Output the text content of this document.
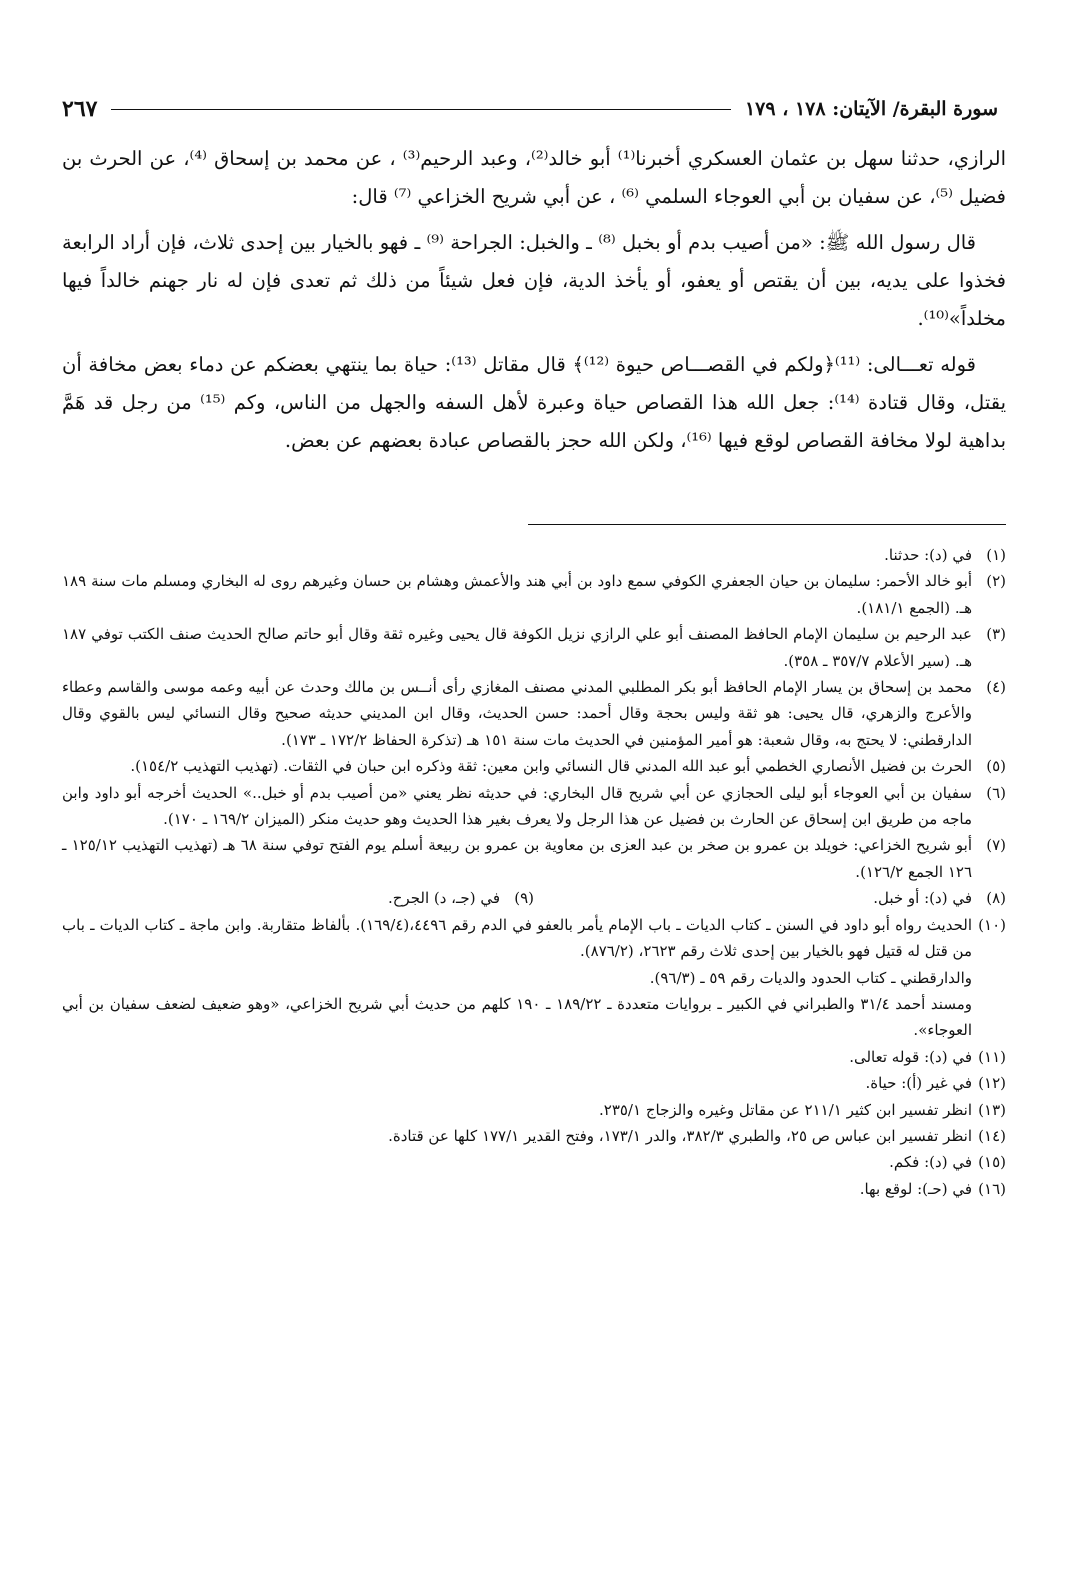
سورة البقرة/ الآيتان: ١٧٨ ، ١٧٩
٢٦٧

الرازي، حدثنا سهل بن عثمان العسكري أخبرنا⁽¹⁾ أبو خالد⁽²⁾، وعبد الرحيم⁽³⁾ ، عن محمد بن إسحاق ⁽⁴⁾، عن الحرث بن فضيل ⁽⁵⁾، عن سفيان بن أبي العوجاء السلمي ⁽⁶⁾ ، عن أبي شريح الخزاعي ⁽⁷⁾ قال:

قال رسول الله ﷺ: «من أصيب بدم أو بخبل ⁽⁸⁾ ـ والخبل: الجراحة ⁽⁹⁾ ـ فهو بالخيار بين إحدى ثلاث، فإن أراد الرابعة فخذوا على يديه، بين أن يقتص أو يعفو، أو يأخذ الدية، فإن فعل شيئاً من ذلك ثم تعدى فإن له نار جهنم خالداً فيها مخلداً»⁽¹⁰⁾.

قوله تعـــالى: ⁽¹¹⁾﴿ولكم في القصـــاص حيوة ⁽¹²⁾﴾ قال مقاتل ⁽¹³⁾: حياة بما ينتهي بعضكم عن دماء بعض مخافة أن يقتل، وقال قتادة ⁽¹⁴⁾: جعل الله هذا القصاص حياة وعبرة لأهل السفه والجهل من الناس، وكم ⁽¹⁵⁾ من رجل قد هَمَّ بداهية لولا مخافة القصاص لوقع فيها ⁽¹⁶⁾، ولكن الله حجز بالقصاص عبادة بعضهم عن بعض.

(١)
في (د): حدثنا.
(٢)
أبو خالد الأحمر: سليمان بن حيان الجعفري الكوفي سمع داود بن أبي هند والأعمش وهشام بن حسان وغيرهم روى له البخاري ومسلم مات سنة ١٨٩ هـ. (الجمع ١٨١/١).
(٣)
عبد الرحيم بن سليمان الإمام الحافظ المصنف أبو علي الرازي نزيل الكوفة قال يحيى وغيره ثقة وقال أبو حاتم صالح الحديث صنف الكتب توفي ١٨٧ هـ. (سير الأعلام ٣٥٧/٧ ـ ٣٥٨).
(٤)
محمد بن إسحاق بن يسار الإمام الحافظ أبو بكر المطلبي المدني مصنف المغازي رأى أنــس بن مالك وحدث عن أبيه وعمه موسى والقاسم وعطاء والأعرج والزهري، قال يحيى: هو ثقة وليس بحجة وقال أحمد: حسن الحديث، وقال ابن المديني حديثه صحيح وقال النسائي ليس بالقوي وقال الدارقطني: لا يحتج به، وقال شعبة: هو أمير المؤمنين في الحديث مات سنة ١٥١ هـ (تذكرة الحفاظ ١٧٢/٢ ـ ١٧٣).
(٥)
الحرث بن فضيل الأنصاري الخطمي أبو عبد الله المدني قال النسائي وابن معين: ثقة وذكره ابن حبان في الثقات. (تهذيب التهذيب ١٥٤/٢).
(٦)
سفيان بن أبي العوجاء أبو ليلى الحجازي عن أبي شريح قال البخاري: في حديثه نظر يعني «من أصيب بدم أو خبل..» الحديث أخرجه أبو داود وابن ماجه من طريق ابن إسحاق عن الحارث بن فضيل عن هذا الرجل ولا يعرف بغير هذا الحديث وهو حديث منكر (الميزان ١٦٩/٢ ـ ١٧٠).
(٧)
أبو شريح الخزاعي: خويلد بن عمرو بن صخر بن عبد العزى بن معاوية بن عمرو بن ربيعة أسلم يوم الفتح توفي سنة ٦٨ هـ (تهذيب التهذيب ١٢٥/١٢ ـ ١٢٦ الجمع ١٢٦/٢).
(٨)
في (د): أو خبل.
(٩)
في (جـ، د) الجرح.
(١٠)
الحديث رواه أبو داود في السنن ـ كتاب الديات ـ باب الإمام يأمر بالعفو في الدم رقم ٤٤٩٦،(١٦٩/٤). بألفاظ متقاربة. وابن ماجة ـ كتاب الديات ـ باب من قتل له قتيل فهو بالخيار بين إحدى ثلاث رقم ٢٦٢٣، (٨٧٦/٢).
والدارقطني ـ كتاب الحدود والديات رقم ٥٩ ـ (٩٦/٣).
ومسند أحمد ٣١/٤ والطبراني في الكبير ـ بروايات متعددة ـ ١٨٩/٢٢ ـ ١٩٠ كلهم من حديث أبي شريح الخزاعي، «وهو ضعيف لضعف سفيان بن أبي العوجاء».
(١١)
في (د): قوله تعالى.
(١٢)
في غير (أ): حياة.
(١٣)
انظر تفسير ابن كثير ٢١١/١ عن مقاتل وغيره والزجاج ٢٣٥/١.
(١٤)
انظر تفسير ابن عباس ص ٢٥، والطبري ٣٨٢/٣، والدر ١٧٣/١، وفتح القدير ١٧٧/١ كلها عن قتادة.
(١٥)
في (د): فكم.
(١٦)
في (حـ): لوقع بها.
